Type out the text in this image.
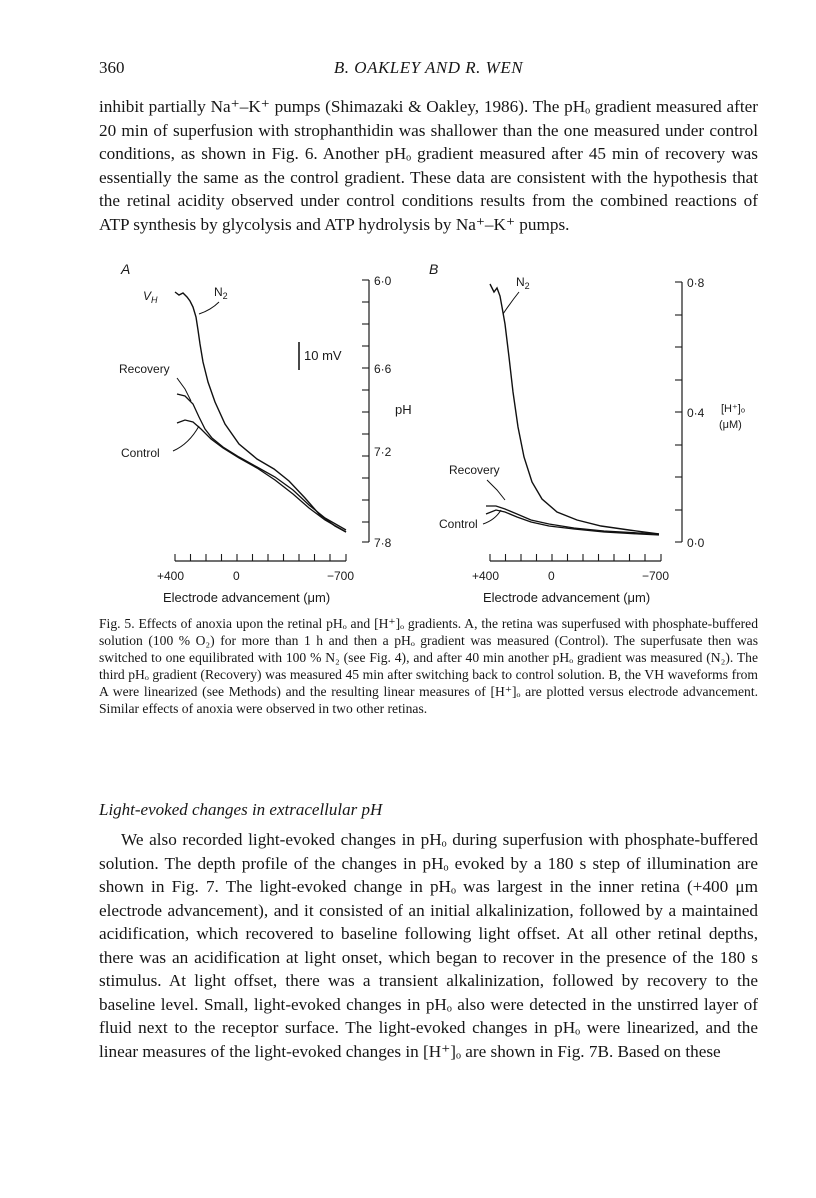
360	B. OAKLEY AND R. WEN

inhibit partially Na⁺–K⁺ pumps (Shimazaki & Oakley, 1986). The pHₒ gradient measured after 20 min of superfusion with strophanthidin was shallower than the one measured under control conditions, as shown in Fig. 6. Another pHₒ gradient measured after 45 min of recovery was essentially the same as the control gradient. These data are consistent with the hypothesis that the retinal acidity observed under control conditions results from the combined reactions of ATP synthesis by glycolysis and ATP hydrolysis by Na⁺–K⁺ pumps.

A
6·0
6·6
7·2
7·8
pH
10 mV
$V_H$
$N_2$
Recovery
Control
+400	0	−700
Electrode advancement (μm)
B
0·8
0·4
0·0
[H⁺]ₒ
(μM)
$N_2$
Recovery
Control
+400	0	−700
Electrode advancement (μm)

Fig. 5. Effects of anoxia upon the retinal pHₒ and [H⁺]ₒ gradients. A, the retina was superfused with phosphate-buffered solution (100 % O₂) for more than 1 h and then a pHₒ gradient was measured (Control). The superfusate then was switched to one equilibrated with 100 % N₂ (see Fig. 4), and after 40 min another pHₒ gradient was measured (N₂). The third pHₒ gradient (Recovery) was measured 45 min after switching back to control solution. B, the VH waveforms from A were linearized (see Methods) and the resulting linear measures of [H⁺]ₒ are plotted versus electrode advancement. Similar effects of anoxia were observed in two other retinas.

Light-evoked changes in extracellular pH

We also recorded light-evoked changes in pHₒ during superfusion with phosphate-buffered solution. The depth profile of the changes in pHₒ evoked by a 180 s step of illumination are shown in Fig. 7. The light-evoked change in pHₒ was largest in the inner retina (+400 μm electrode advancement), and it consisted of an initial alkalinization, followed by a maintained acidification, which recovered to baseline following light offset. At all other retinal depths, there was an acidification at light onset, which began to recover in the presence of the 180 s stimulus. At light offset, there was a transient alkalinization, followed by recovery to the baseline level. Small, light-evoked changes in pHₒ also were detected in the unstirred layer of fluid next to the receptor surface. The light-evoked changes in pHₒ were linearized, and the linear measures of the light-evoked changes in [H⁺]ₒ are shown in Fig. 7B. Based on these
